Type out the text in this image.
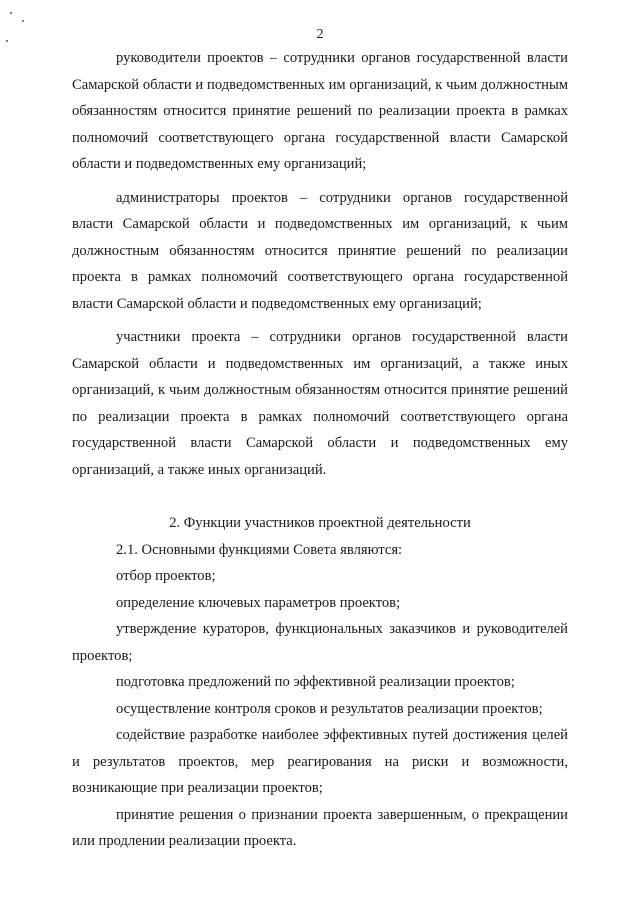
2

руководители проектов – сотрудники органов государственной власти Самарской области и подведомственных им организаций, к чьим должностным обязанностям относится принятие решений по реализации проекта в рамках полномочий соответствующего органа государственной власти Самарской области и подведомственных ему организаций;

администраторы проектов – сотрудники органов государственной власти Самарской области и подведомственных им организаций, к чьим должностным обязанностям относится принятие решений по реализации проекта в рамках полномочий соответствующего органа государственной власти Самарской области и подведомственных ему организаций;

участники проекта – сотрудники органов государственной власти Самарской области и подведомственных им организаций, а также иных организаций, к чьим должностным обязанностям относится принятие решений по реализации проекта в рамках полномочий соответствующего органа государственной власти Самарской области и подведомственных ему организаций, а также иных организаций.

2. Функции участников проектной деятельности

2.1. Основными функциями Совета являются:

отбор проектов;

определение ключевых параметров проектов;

утверждение кураторов, функциональных заказчиков и руководителей проектов;

подготовка предложений по эффективной реализации проектов;

осуществление контроля сроков и результатов реализации проектов;

содействие разработке наиболее эффективных путей достижения целей и результатов проектов, мер реагирования на риски и возможности, возникающие при реализации проектов;

принятие решения о признании проекта завершенным, о прекращении или продлении реализации проекта.
